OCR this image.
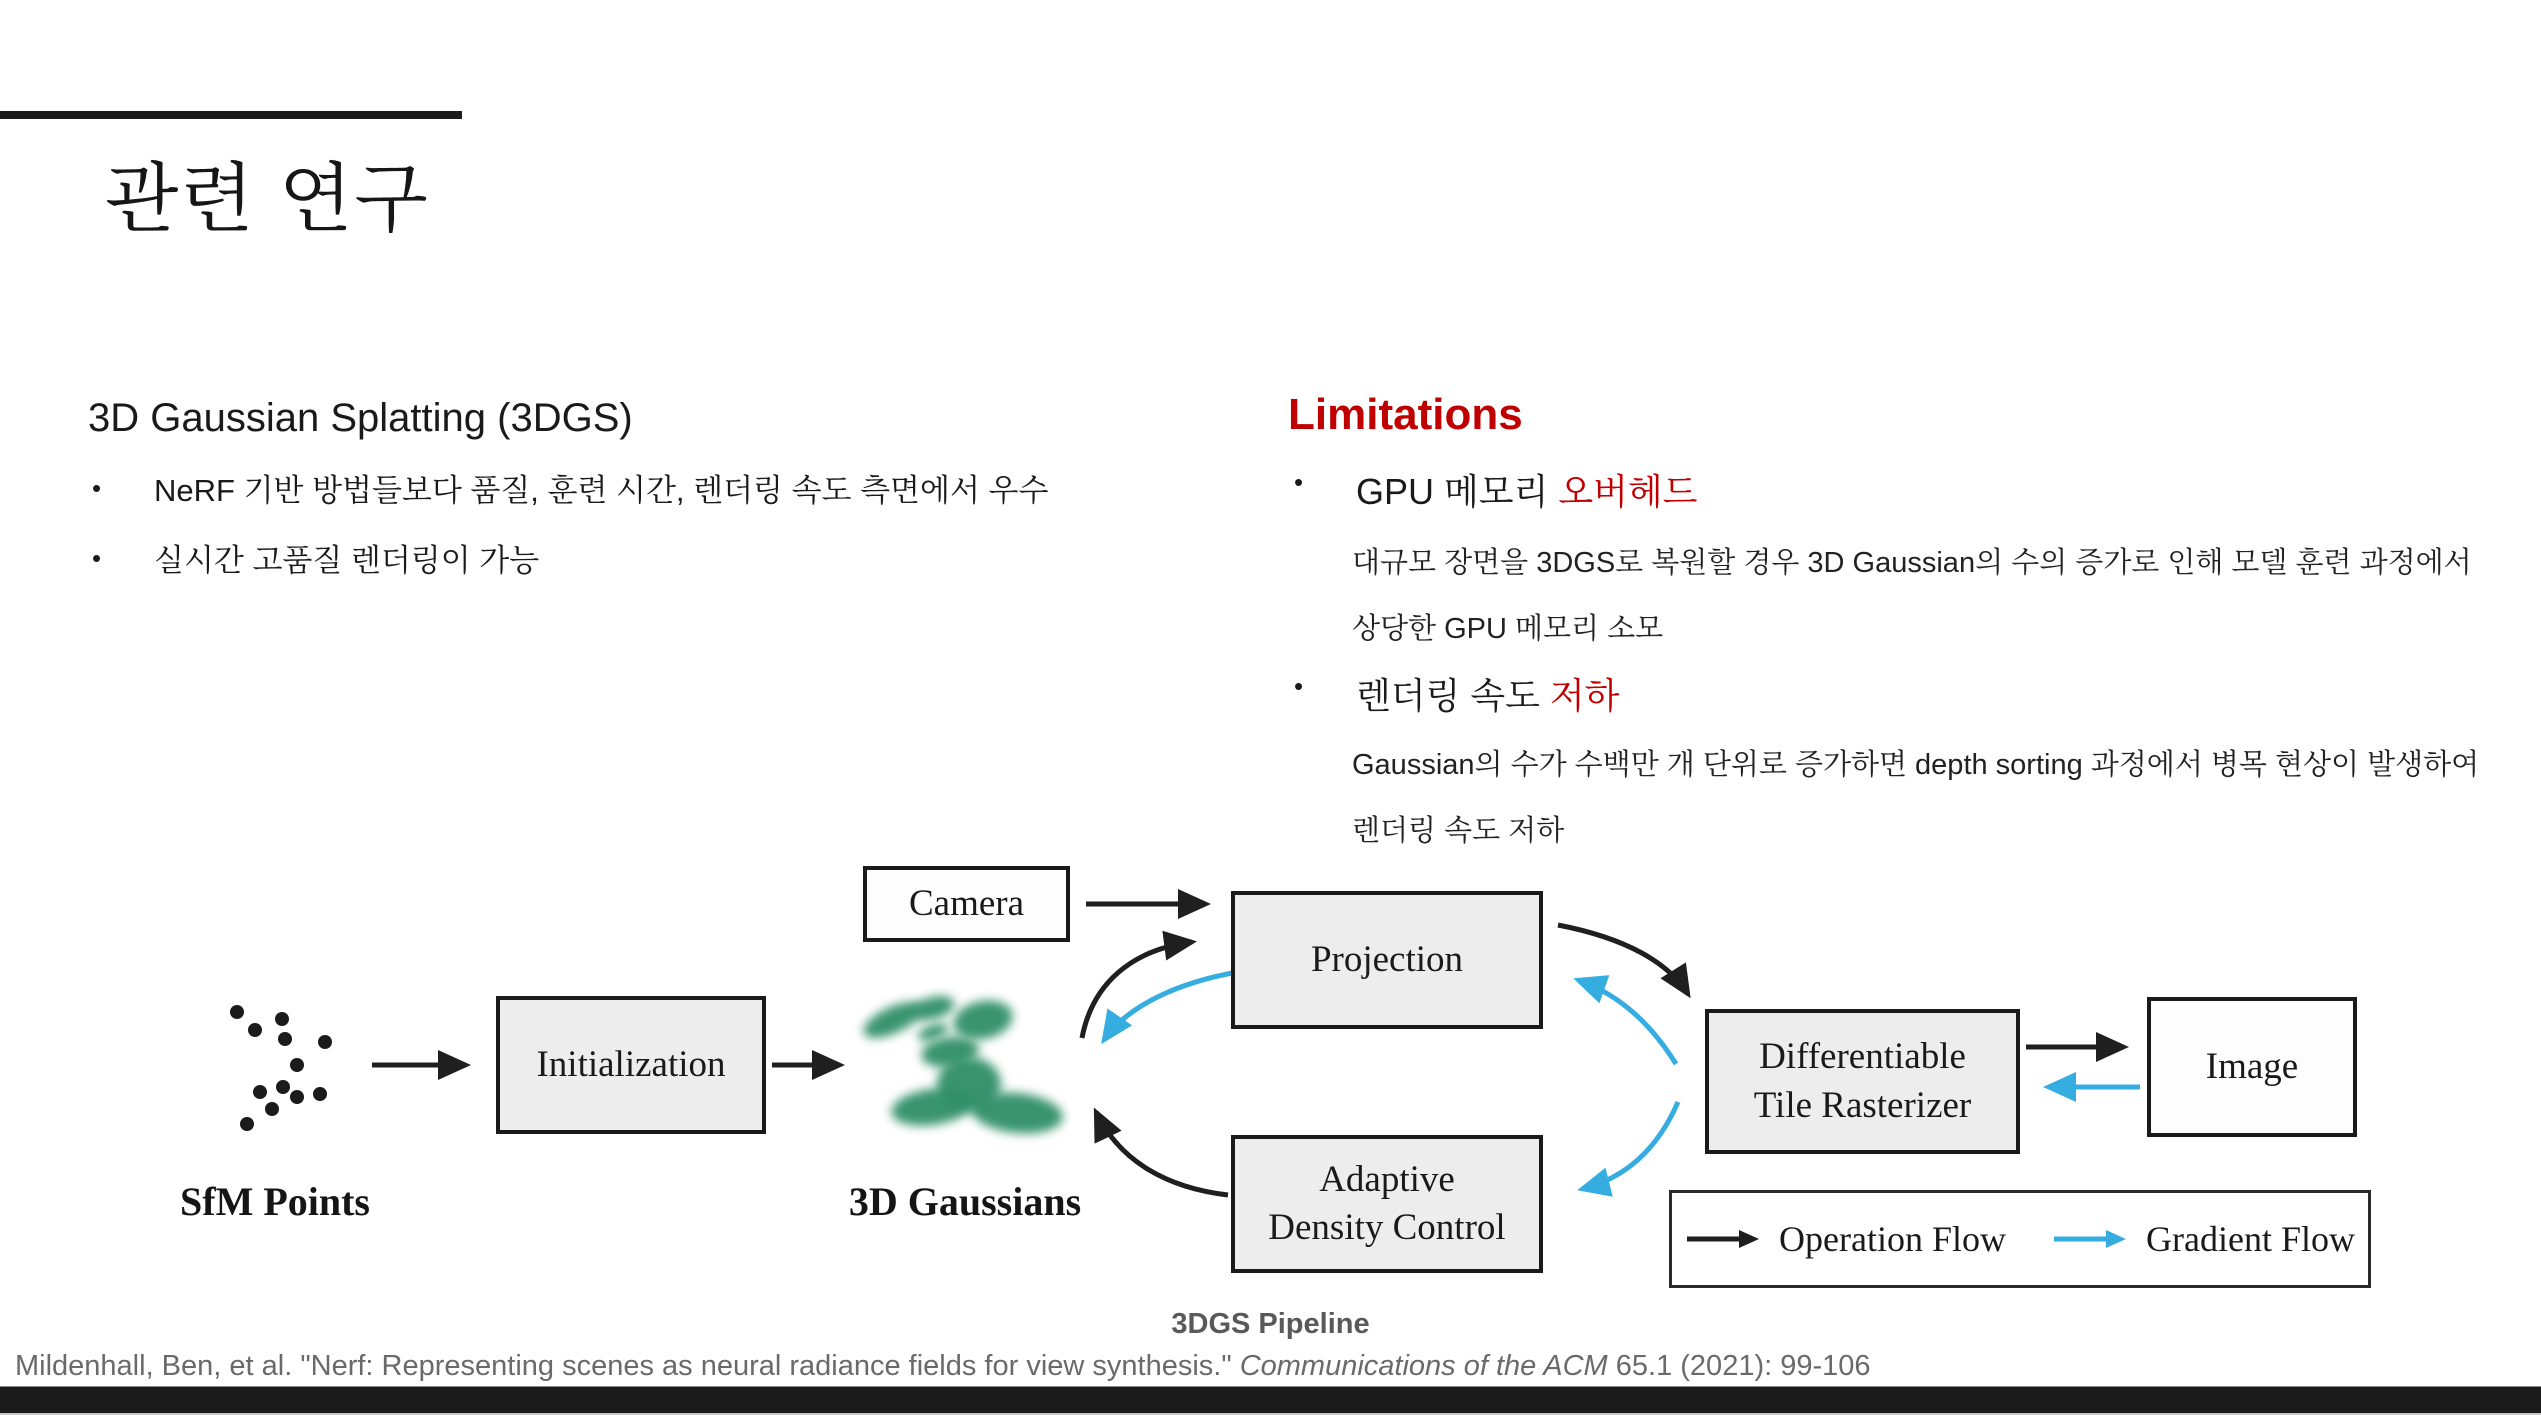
관련 연구
3D Gaussian Splatting (3DGS)
•	NeRF 기반 방법들보다 품질, 훈련 시간, 렌더링 속도 측면에서 우수
•	실시간 고품질 렌더링이 가능
Limitations
•	GPU 메모리 오버헤드
대규모 장면을 3DGS로 복원할 경우 3D Gaussian의 수의 증가로 인해 모델 훈련 과정에서
상당한 GPU 메모리 소모
•	렌더링 속도 저하
Gaussian의 수가 수백만 개 단위로 증가하면 depth sorting 과정에서 병목 현상이 발생하여
렌더링 속도 저하
SfM Points
Initialization
3D Gaussians
Camera
Projection
Adaptive
Density Control
Differentiable
Tile Rasterizer
Image
Operation Flow	Gradient Flow
3DGS Pipeline
Mildenhall, Ben, et al. "Nerf: Representing scenes as neural radiance fields for view synthesis." Communications of the ACM 65.1 (2021): 99-106
